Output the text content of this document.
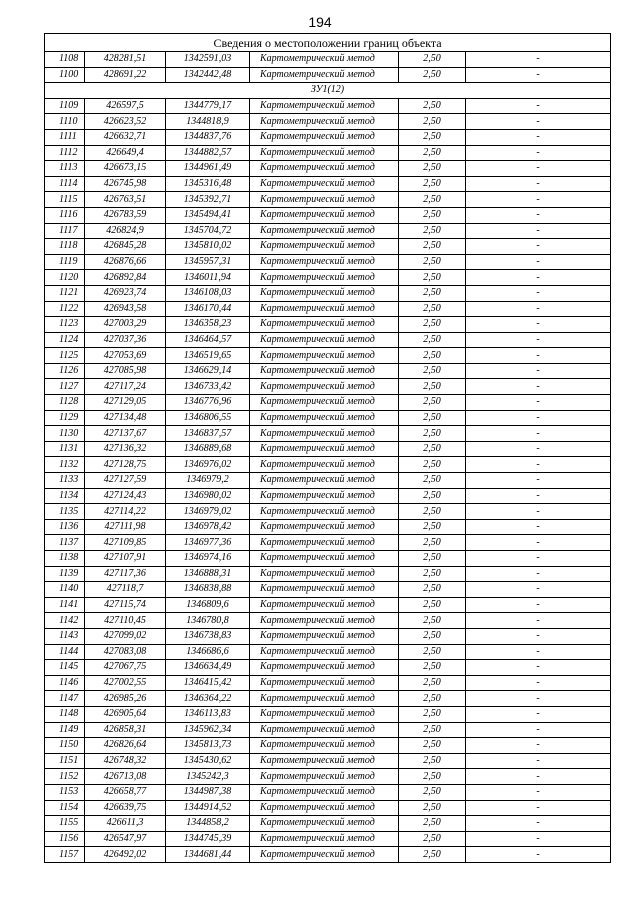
194
Сведения о местоположении границ объекта					
1108	428281,51	1342591,03	Картометрический метод	2,50	-
1100	428691,22	1342442,48	Картометрический метод	2,50	-
ЗУ1(12)					
1109	426597,5	1344779,17	Картометрический метод	2,50	-
1110	426623,52	1344818,9	Картометрический метод	2,50	-
1111	426632,71	1344837,76	Картометрический метод	2,50	-
1112	426649,4	1344882,57	Картометрический метод	2,50	-
1113	426673,15	1344961,49	Картометрический метод	2,50	-
1114	426745,98	1345316,48	Картометрический метод	2,50	-
1115	426763,51	1345392,71	Картометрический метод	2,50	-
1116	426783,59	1345494,41	Картометрический метод	2,50	-
1117	426824,9	1345704,72	Картометрический метод	2,50	-
1118	426845,28	1345810,02	Картометрический метод	2,50	-
1119	426876,66	1345957,31	Картометрический метод	2,50	-
1120	426892,84	1346011,94	Картометрический метод	2,50	-
1121	426923,74	1346108,03	Картометрический метод	2,50	-
1122	426943,58	1346170,44	Картометрический метод	2,50	-
1123	427003,29	1346358,23	Картометрический метод	2,50	-
1124	427037,36	1346464,57	Картометрический метод	2,50	-
1125	427053,69	1346519,65	Картометрический метод	2,50	-
1126	427085,98	1346629,14	Картометрический метод	2,50	-
1127	427117,24	1346733,42	Картометрический метод	2,50	-
1128	427129,05	1346776,96	Картометрический метод	2,50	-
1129	427134,48	1346806,55	Картометрический метод	2,50	-
1130	427137,67	1346837,57	Картометрический метод	2,50	-
1131	427136,32	1346889,68	Картометрический метод	2,50	-
1132	427128,75	1346976,02	Картометрический метод	2,50	-
1133	427127,59	1346979,2	Картометрический метод	2,50	-
1134	427124,43	1346980,02	Картометрический метод	2,50	-
1135	427114,22	1346979,02	Картометрический метод	2,50	-
1136	427111,98	1346978,42	Картометрический метод	2,50	-
1137	427109,85	1346977,36	Картометрический метод	2,50	-
1138	427107,91	1346974,16	Картометрический метод	2,50	-
1139	427117,36	1346888,31	Картометрический метод	2,50	-
1140	427118,7	1346838,88	Картометрический метод	2,50	-
1141	427115,74	1346809,6	Картометрический метод	2,50	-
1142	427110,45	1346780,8	Картометрический метод	2,50	-
1143	427099,02	1346738,83	Картометрический метод	2,50	-
1144	427083,08	1346686,6	Картометрический метод	2,50	-
1145	427067,75	1346634,49	Картометрический метод	2,50	-
1146	427002,55	1346415,42	Картометрический метод	2,50	-
1147	426985,26	1346364,22	Картометрический метод	2,50	-
1148	426905,64	1346113,83	Картометрический метод	2,50	-
1149	426858,31	1345962,34	Картометрический метод	2,50	-
1150	426826,64	1345813,73	Картометрический метод	2,50	-
1151	426748,32	1345430,62	Картометрический метод	2,50	-
1152	426713,08	1345242,3	Картометрический метод	2,50	-
1153	426658,77	1344987,38	Картометрический метод	2,50	-
1154	426639,75	1344914,52	Картометрический метод	2,50	-
1155	426611,3	1344858,2	Картометрический метод	2,50	-
1156	426547,97	1344745,39	Картометрический метод	2,50	-
1157	426492,02	1344681,44	Картометрический метод	2,50	-
